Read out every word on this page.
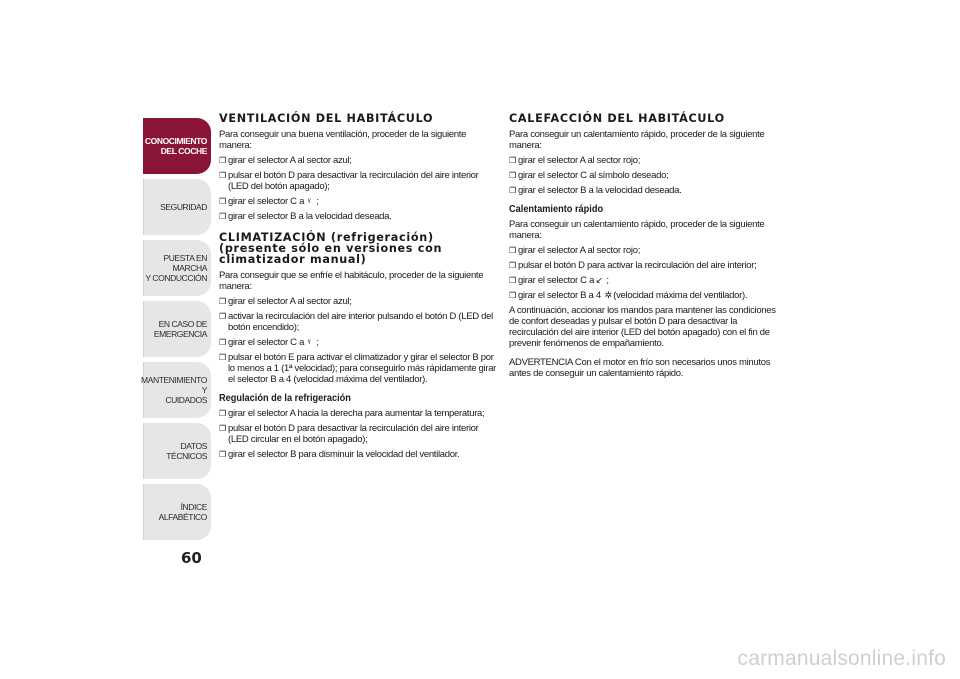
CONOCIMIENTO
DEL COCHE
SEGURIDAD
PUESTA EN MARCHA
Y CONDUCCIÓN
EN CASO DE
EMERGENCIA
MANTENIMIENTO Y
CUIDADOS
DATOS TÉCNICOS
ÍNDICE ALFABÉTICO
60
VENTILACIÓN DEL HABITÁCULO

Para conseguir una buena ventilación, proceder de la siguiente manera:

❒ girar el selector A al sector azul;
❒ pulsar el botón D para desactivar la recirculación del aire interior (LED del botón apagado);
❒ girar el selector C a ᵞ ;
❒ girar el selector B a la velocidad deseada.
CLIMATIZACIÓN (refrigeración)
(presente sólo en versiones con
climatizador manual)

Para conseguir que se enfríe el habitáculo, proceder de la siguiente manera:

❒ girar el selector A al sector azul;
❒ activar la recirculación del aire interior pulsando el botón D (LED del botón encendido);
❒ girar el selector C a ᵞ ;
❒ pulsar el botón E para activar el climatizador y girar el selector B por lo menos a 1 (1ª velocidad); para conseguirlo más rápidamente girar el selector B a 4 (velocidad máxima del ventilador).
Regulación de la refrigeración
❒ girar el selector A hacia la derecha para aumentar la temperatura;
❒ pulsar el botón D para desactivar la recirculación del aire interior (LED circular en el botón apagado);
❒ girar el selector B para disminuir la velocidad del ventilador.
CALEFACCIÓN DEL HABITÁCULO

Para conseguir un calentamiento rápido, proceder de la siguiente manera:

❒ girar el selector A al sector rojo;
❒ girar el selector C al símbolo deseado;
❒ girar el selector B a la velocidad deseada.
Calentamiento rápido

Para conseguir un calentamiento rápido, proceder de la siguiente manera:

❒ girar el selector A al sector rojo;
❒ pulsar el botón D para activar la recirculación del aire interior;
❒ girar el selector C a↙ ;
❒ girar el selector B a 4 ✲(velocidad máxima del ventilador).

A continuación, accionar los mandos para mantener las condiciones de confort deseadas y pulsar el botón D para desactivar la recirculación del aire interior (LED del botón apagado) con el fin de prevenir fenómenos de empañamiento.

ADVERTENCIA Con el motor en frío son necesarios unos minutos antes de conseguir un calentamiento rápido.

carmanualsonline.info
